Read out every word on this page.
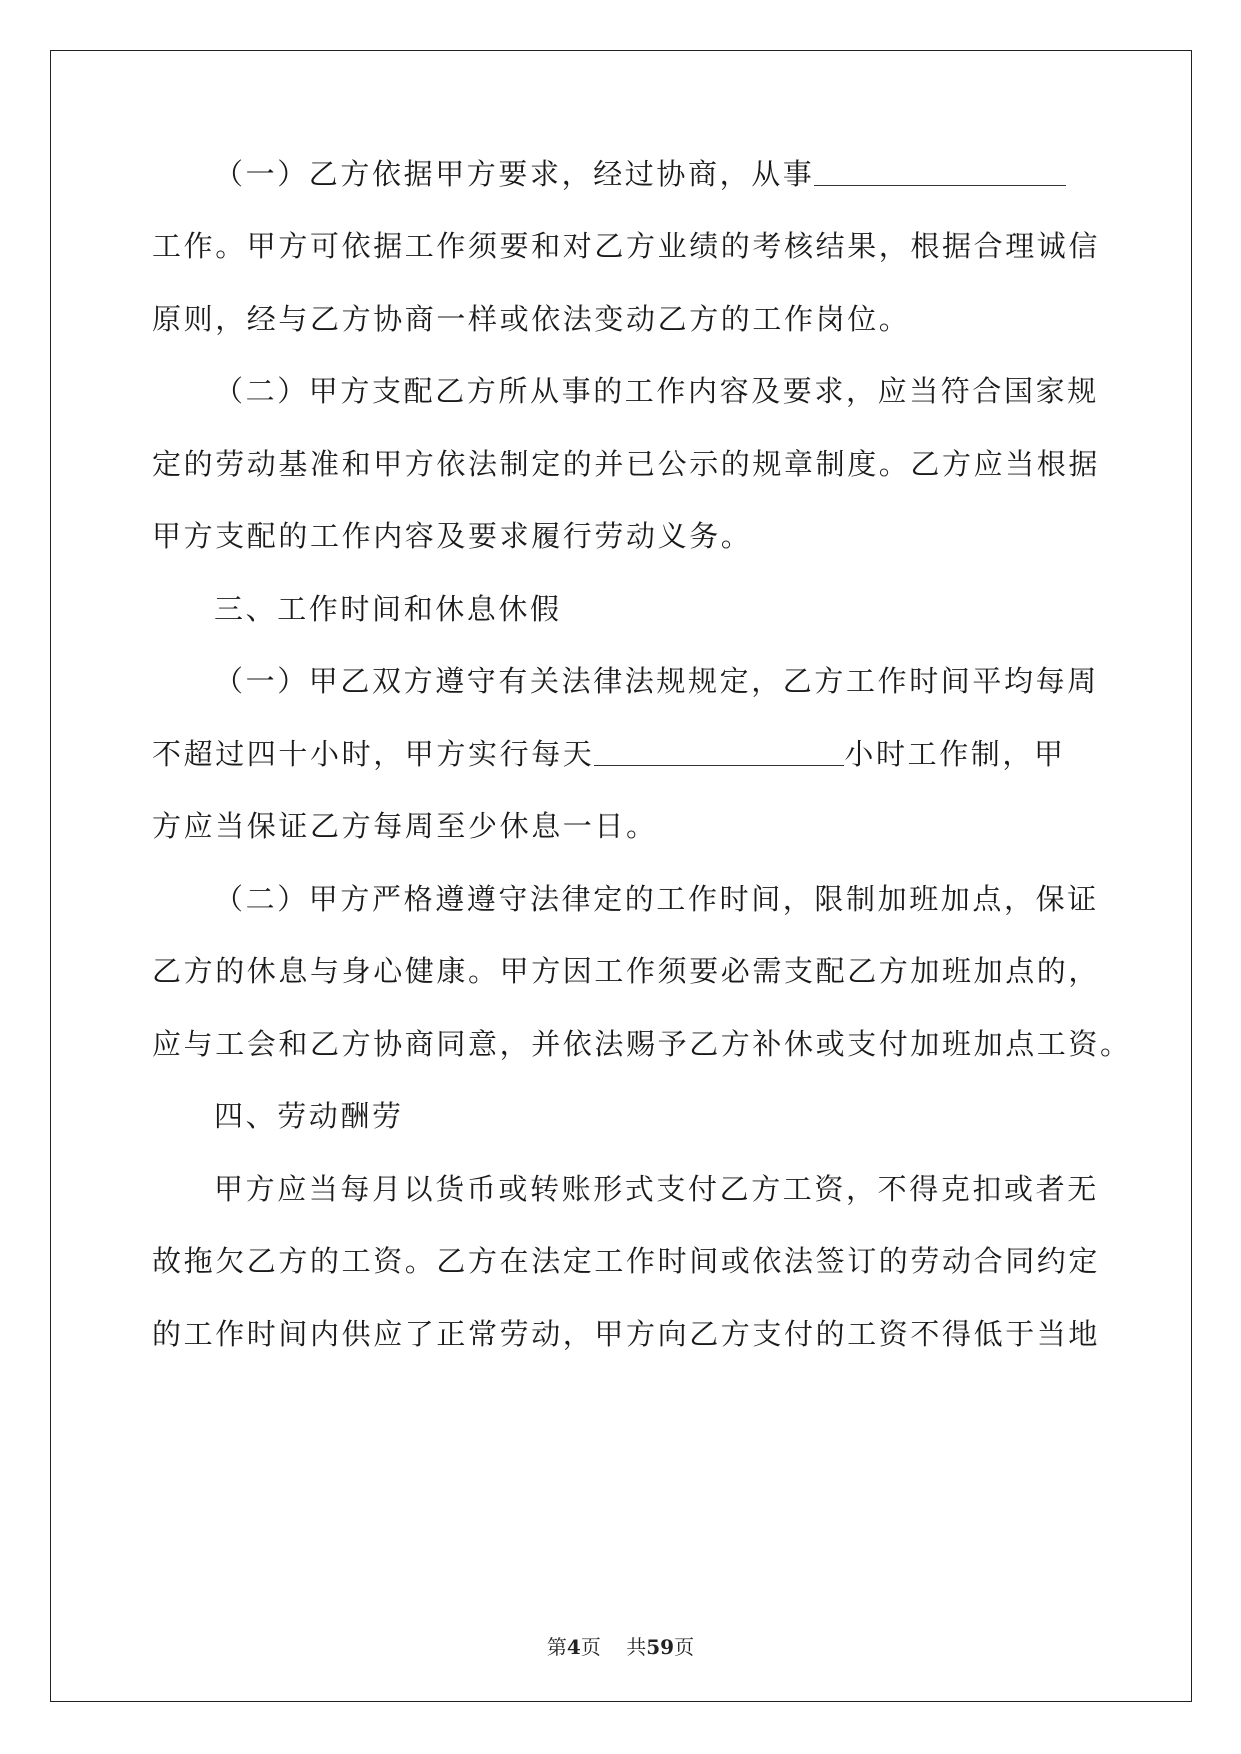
（一）乙方依据甲方要求，经过协商，从事
工作。甲方可依据工作须要和对乙方业绩的考核结果，根据合理诚信
原则，经与乙方协商一样或依法变动乙方的工作岗位。
（二）甲方支配乙方所从事的工作内容及要求，应当符合国家规
定的劳动基准和甲方依法制定的并已公示的规章制度。乙方应当根据
甲方支配的工作内容及要求履行劳动义务。
三、工作时间和休息休假
（一）甲乙双方遵守有关法律法规规定，乙方工作时间平均每周
不超过四十小时，甲方实行每天	小时工作制，甲
方应当保证乙方每周至少休息一日。
（二）甲方严格遵遵守法律定的工作时间，限制加班加点，保证
乙方的休息与身心健康。甲方因工作须要必需支配乙方加班加点的，
应与工会和乙方协商同意，并依法赐予乙方补休或支付加班加点工资。
四、劳动酬劳
甲方应当每月以货币或转账形式支付乙方工资，不得克扣或者无
故拖欠乙方的工资。乙方在法定工作时间或依法签订的劳动合同约定
的工作时间内供应了正常劳动，甲方向乙方支付的工资不得低于当地
第4页 共59页
